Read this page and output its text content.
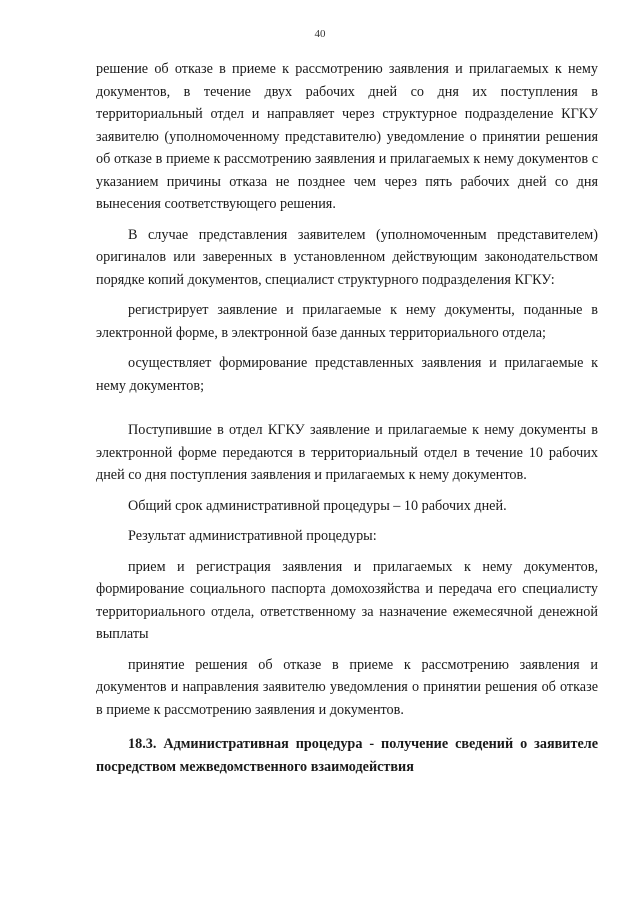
40

решение об отказе в приеме к рассмотрению заявления и прилагаемых к нему документов, в течение двух рабочих дней со дня их поступления в территориальный отдел и направляет через структурное подразделение КГКУ заявителю (уполномоченному представителю) уведомление о принятии решения об отказе в приеме к рассмотрению заявления и прилагаемых к нему документов с указанием причины отказа не позднее чем через пять рабочих дней со дня вынесения соответствующего решения.

В случае представления заявителем (уполномоченным представителем) оригиналов или заверенных в установленном действующим законодательством порядке копий документов, специалист структурного подразделения КГКУ:

регистрирует заявление и прилагаемые к нему документы, поданные в электронной форме, в электронной базе данных территориального отдела;

осуществляет формирование представленных заявления и прилагаемые к нему документов;

Поступившие в отдел КГКУ заявление и прилагаемые к нему документы в электронной форме передаются в территориальный отдел в течение 10 рабочих дней со дня поступления заявления и прилагаемых к нему документов.

Общий срок административной процедуры – 10 рабочих дней.

Результат административной процедуры:

прием и регистрация заявления и прилагаемых к нему документов, формирование социального паспорта домохозяйства и передача его специалисту территориального отдела, ответственному за назначение ежемесячной денежной выплаты

принятие решения об отказе в приеме к рассмотрению заявления и документов и направления заявителю уведомления о принятии решения об отказе в приеме к рассмотрению заявления и документов.

18.3. Административная процедура - получение сведений о заявителе посредством межведомственного взаимодействия
